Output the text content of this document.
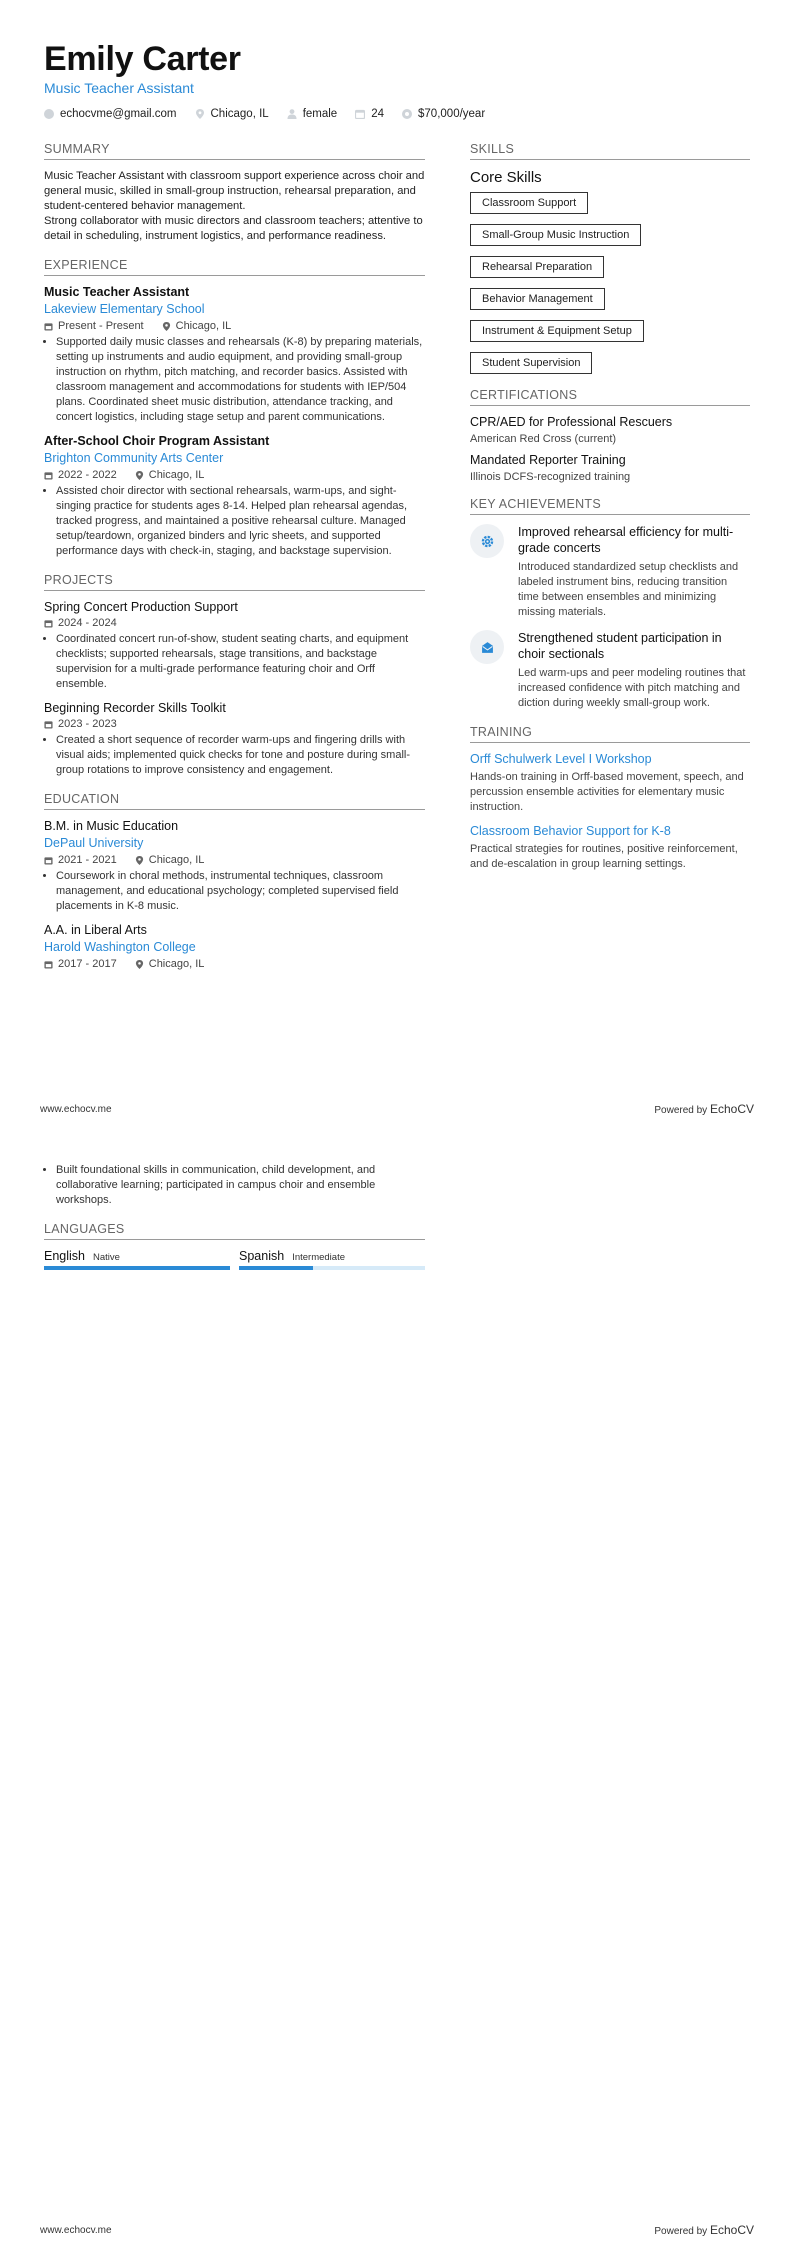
Emily Carter
Music Teacher Assistant
echocvme@gmail.com	Chicago, IL	female	24	$70,000/year
SUMMARY

Music Teacher Assistant with classroom support experience across choir and general music, skilled in small-group instruction, rehearsal preparation, and student-centered behavior management.

Strong collaborator with music directors and classroom teachers; attentive to detail in scheduling, instrument logistics, and performance readiness.

EXPERIENCE
Music Teacher Assistant
Lakeview Elementary School
Present - Present	Chicago, IL
• Supported daily music classes and rehearsals (K-8) by preparing materials, setting up instruments and audio equipment, and providing small-group instruction on rhythm, pitch matching, and recorder basics. Assisted with classroom management and accommodations for students with IEP/504 plans. Coordinated sheet music distribution, attendance tracking, and concert logistics, including stage setup and parent communications.
After-School Choir Program Assistant
Brighton Community Arts Center
2022 - 2022	Chicago, IL
• Assisted choir director with sectional rehearsals, warm-ups, and sight-singing practice for students ages 8-14. Helped plan rehearsal agendas, tracked progress, and maintained a positive rehearsal culture. Managed setup/teardown, organized binders and lyric sheets, and supported performance days with check-in, staging, and backstage supervision.
PROJECTS
Spring Concert Production Support
2024 - 2024
• Coordinated concert run-of-show, student seating charts, and equipment checklists; supported rehearsals, stage transitions, and backstage supervision for a multi-grade performance featuring choir and Orff ensemble.
Beginning Recorder Skills Toolkit
2023 - 2023
• Created a short sequence of recorder warm-ups and fingering drills with visual aids; implemented quick checks for tone and posture during small-group rotations to improve consistency and engagement.
EDUCATION
B.M. in Music Education
DePaul University
2021 - 2021	Chicago, IL
• Coursework in choral methods, instrumental techniques, classroom management, and educational psychology; completed supervised field placements in K-8 music.
A.A. in Liberal Arts
Harold Washington College
2017 - 2017	Chicago, IL
SKILLS
Core Skills
Classroom Support
Small-Group Music Instruction
Rehearsal Preparation
Behavior Management
Instrument & Equipment Setup
Student Supervision
CERTIFICATIONS
CPR/AED for Professional Rescuers
American Red Cross (current)
Mandated Reporter Training
Illinois DCFS-recognized training
KEY ACHIEVEMENTS
Improved rehearsal efficiency for multi-grade concerts
Introduced standardized setup checklists and labeled instrument bins, reducing transition time between ensembles and minimizing missing materials.
Strengthened student participation in choir sectionals
Led warm-ups and peer modeling routines that increased confidence with pitch matching and diction during weekly small-group work.
TRAINING
Orff Schulwerk Level I Workshop
Hands-on training in Orff-based movement, speech, and percussion ensemble activities for elementary music instruction.
Classroom Behavior Support for K-8
Practical strategies for routines, positive reinforcement, and de-escalation in group learning settings.
www.echocv.me	Powered by EchoCV
• Built foundational skills in communication, child development, and collaborative learning; participated in campus choir and ensemble workshops.
LANGUAGES
English Native	Spanish Intermediate
www.echocv.me	Powered by EchoCV
